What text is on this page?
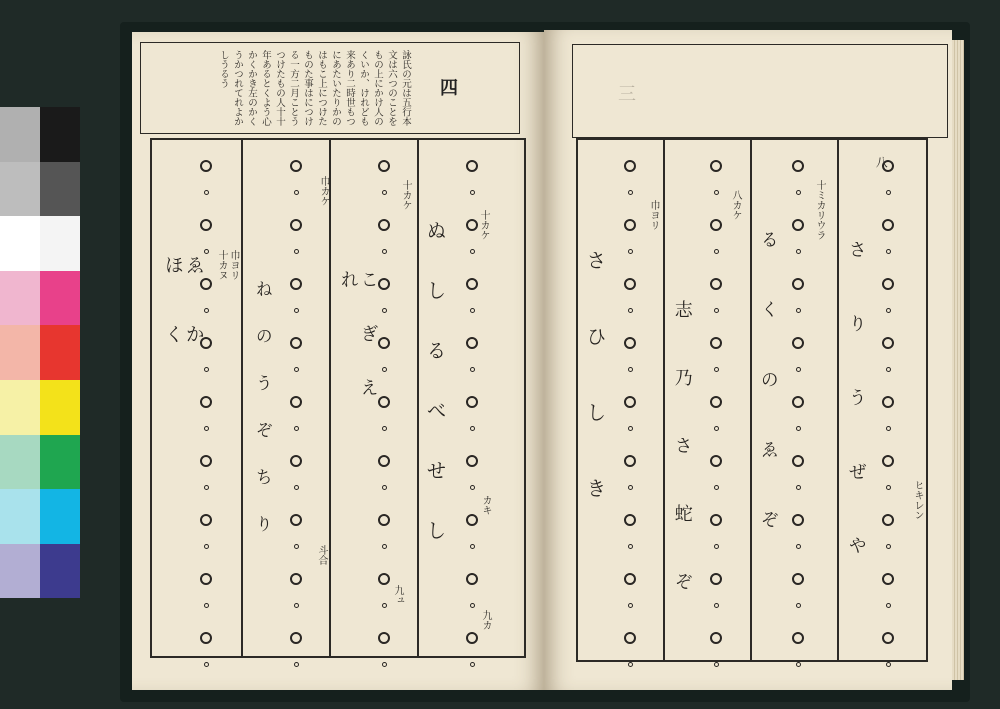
詠氏の元は五行本文は六つのことをもの上にかけ人のくいか、けれども来あり二時世もつにあたいたりかのはもこ上につけたものた事はにつける一方二月ことうつけたもの人十十年あるとくよう心かくかき左のかくうかつれてれよかしうるう
四
十カケ
ぬしるべせし	カキ
九カ
十カケ
こぎえれ
九ュ
巾カケ
ねのうぞちり	斗合
巾ヨリ
十カヌ
ゑかほく
三
八
さりうぜや	ヒキレン
十ミカリウラ
るくのゑぞ
八カケ
志乃さ蛇ぞ
巾ヨリ
さひしき
